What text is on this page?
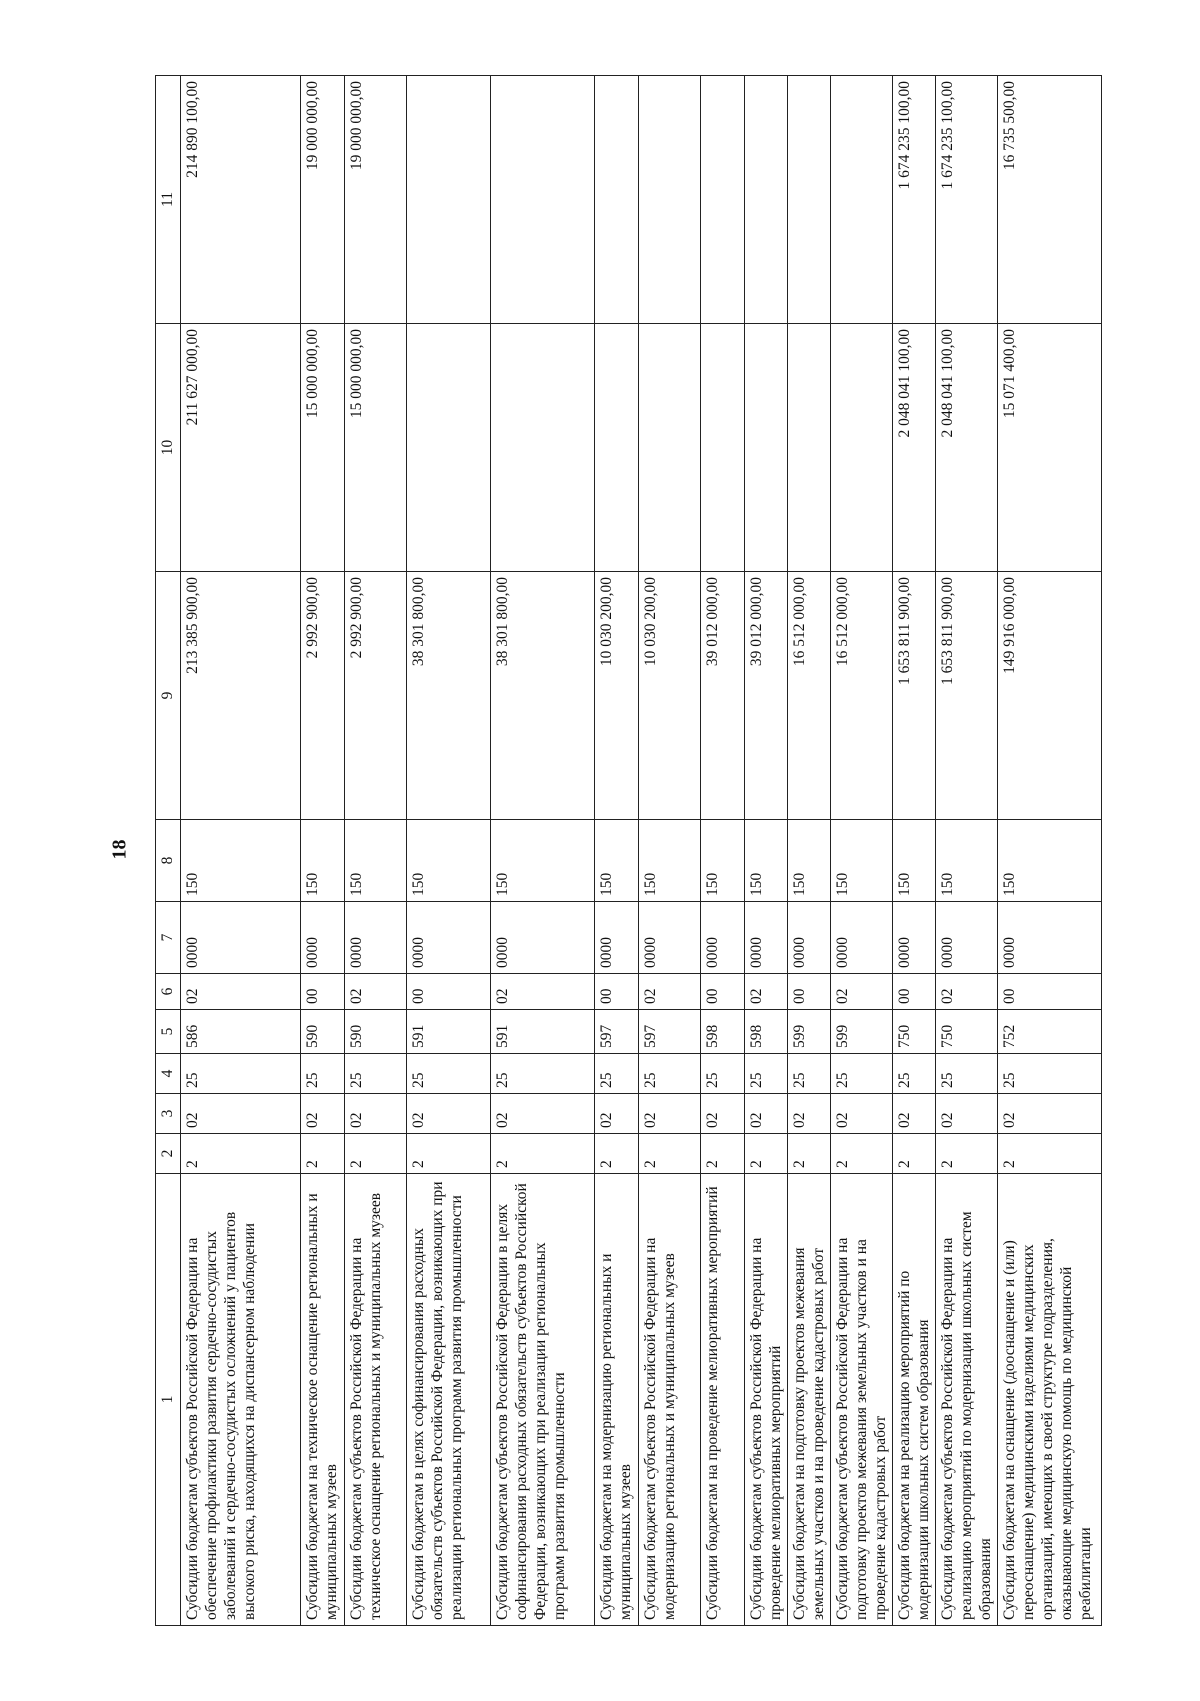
18
1	2	3	4	5	6	7	8	9	10	11
Субсидии бюджетам субъектов Российской Федерации на обеспечение профилактики развития сердечно-сосудистых заболеваний и сердечно-сосудистых осложнений у пациентов высокого риска, находящихся на диспансерном наблюдении	2	02	25	586	02	0000	150	213 385 900,00	211 627 000,00	214 890 100,00
Субсидии бюджетам на техническое оснащение региональных и муниципальных музеев	2	02	25	590	00	0000	150	2 992 900,00	15 000 000,00	19 000 000,00
Субсидии бюджетам субъектов Российской Федерации на техническое оснащение региональных и муниципальных музеев	2	02	25	590	02	0000	150	2 992 900,00	15 000 000,00	19 000 000,00
Субсидии бюджетам в целях софинансирования расходных обязательств субъектов Российской Федерации, возникающих при реализации региональных программ развития промышленности	2	02	25	591	00	0000	150	38 301 800,00		
Субсидии бюджетам субъектов Российской Федерации в целях софинансирования расходных обязательств субъектов Российской Федерации, возникающих при реализации региональных программ развития промышленности	2	02	25	591	02	0000	150	38 301 800,00		
Субсидии бюджетам на модернизацию региональных и муниципальных музеев	2	02	25	597	00	0000	150	10 030 200,00		
Субсидии бюджетам субъектов Российской Федерации на модернизацию региональных и муниципальных музеев	2	02	25	597	02	0000	150	10 030 200,00		
Субсидии бюджетам на проведение мелиоративных мероприятий	2	02	25	598	00	0000	150	39 012 000,00		
Субсидии бюджетам субъектов Российской Федерации на проведение мелиоративных мероприятий	2	02	25	598	02	0000	150	39 012 000,00		
Субсидии бюджетам на подготовку проектов межевания земельных участков и на проведение кадастровых работ	2	02	25	599	00	0000	150	16 512 000,00		
Субсидии бюджетам субъектов Российской Федерации на подготовку проектов межевания земельных участков и на проведение кадастровых работ	2	02	25	599	02	0000	150	16 512 000,00		
Субсидии бюджетам на реализацию мероприятий по модернизации школьных систем образования	2	02	25	750	00	0000	150	1 653 811 900,00	2 048 041 100,00	1 674 235 100,00
Субсидии бюджетам субъектов Российской Федерации на реализацию мероприятий по модернизации школьных систем образования	2	02	25	750	02	0000	150	1 653 811 900,00	2 048 041 100,00	1 674 235 100,00
Субсидии бюджетам на оснащение (дооснащение и (или) переоснащение) медицинскими изделиями медицинских организаций, имеющих в своей структуре подразделения, оказывающие медицинскую помощь по медицинской реабилитации	2	02	25	752	00	0000	150	149 916 000,00	15 071 400,00	16 735 500,00
